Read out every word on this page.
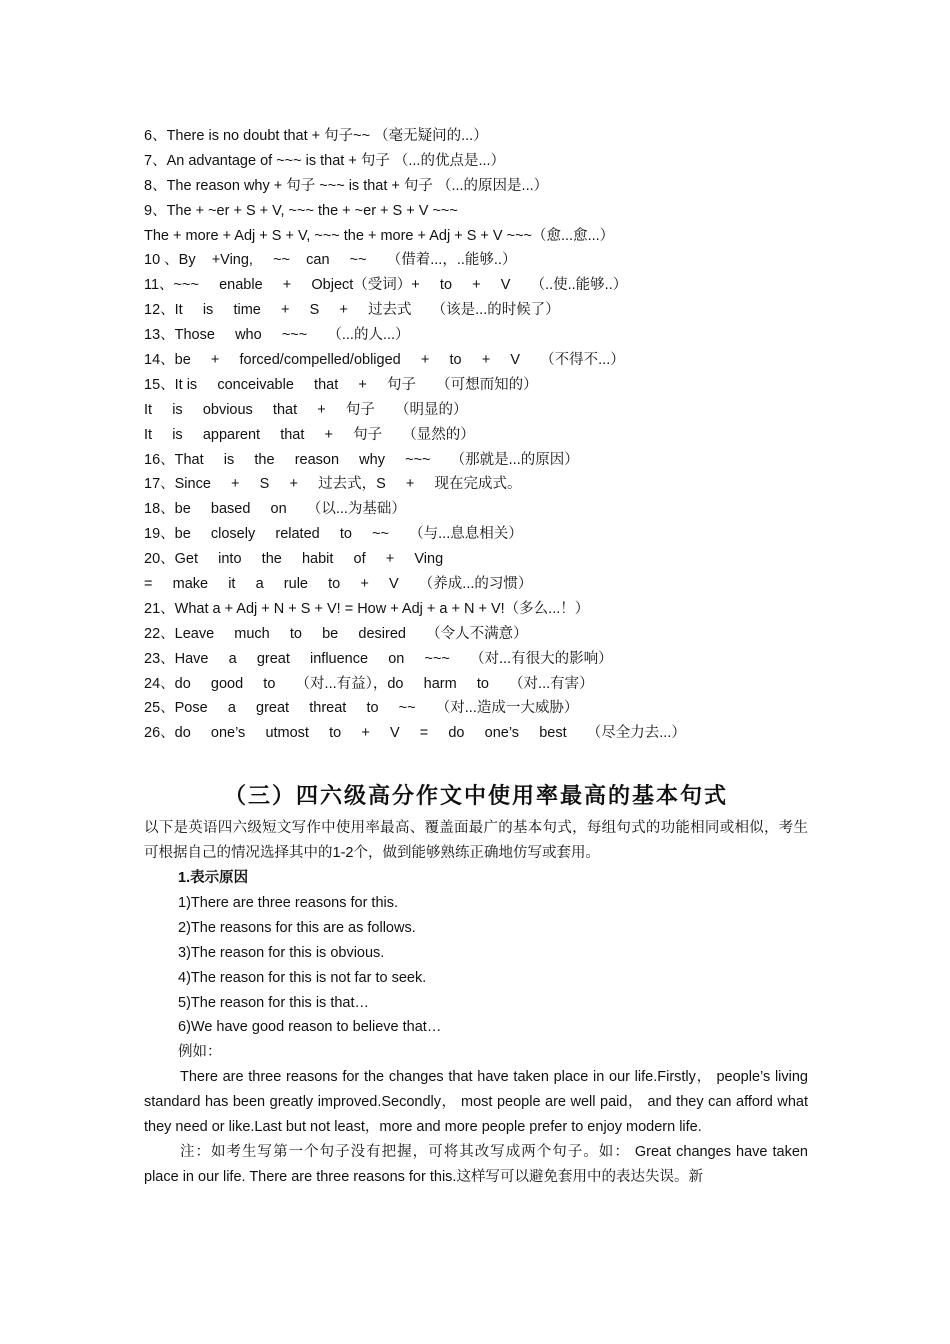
6、There is no doubt that + 句子~~ （毫无疑问的...）
7、An advantage of ~~~ is that + 句子 （...的优点是...）
8、The reason why + 句子 ~~~ is that + 句子 （...的原因是...）
9、The + ~er + S + V, ~~~ the + ~er + S + V ~~~
The + more + Adj + S + V, ~~~ the + more + Adj + S + V ~~~（愈...愈...）
10 、By    +Ving,     ~~    can     ~~     （借着...，..能够..）
11、~~~     enable     +     Object（受词）+     to     +     V     （..使..能够..）
12、It     is     time     +     S     +     过去式     （该是...的时候了）
13、Those     who     ~~~     （...的人...）
14、be     +     forced/compelled/obliged     +     to     +     V     （不得不...）
15、It is     conceivable     that     +     句子     （可想而知的）
It     is     obvious     that     +     句子     （明显的）
It     is     apparent     that     +     句子     （显然的）
16、That     is     the     reason     why     ~~~     （那就是...的原因）
17、Since     +     S     +     过去式，S     +     现在完成式。
18、be     based     on     （以...为基础）
19、be     closely     related     to     ~~     （与...息息相关）
20、Get     into     the     habit     of     +     Ving
=     make     it     a     rule     to     +     V     （养成...的习惯）
21、What a + Adj + N + S + V! = How + Adj + a + N + V!（多么...！）
22、Leave     much     to     be     desired     （令人不满意）
23、Have     a     great     influence     on     ~~~     （对...有很大的影响）
24、do     good     to     （对...有益），do     harm     to     （对...有害）
25、Pose     a     great     threat     to     ~~     （对...造成一大威胁）
26、do     one’s     utmost     to     +     V     =     do     one’s     best     （尽全力去...）
（三）四六级高分作文中使用率最高的基本句式
以下是英语四六级短文写作中使用率最高、覆盖面最广的基本句式，每组句式的功能相同或相似，考生可根据自己的情况选择其中的1-2个，做到能够熟练正确地仿写或套用。
1.表示原因
1)There are three reasons for this.
2)The reasons for this are as follows.
3)The reason for this is obvious.
4)The reason for this is not far to seek.
5)The reason for this is that…
6)We have good reason to believe that…
例如：
There are three reasons for the changes that have taken place in our life.Firstly， people’s living standard has been greatly improved.Secondly， most people are well paid， and they can afford what they need or like.Last but not least，more and more people prefer to enjoy modern life.
注：如考生写第一个句子没有把握，可将其改写成两个句子。如： Great changes have taken place in our life. There are three reasons for this.这样写可以避免套用中的表达失误。新
